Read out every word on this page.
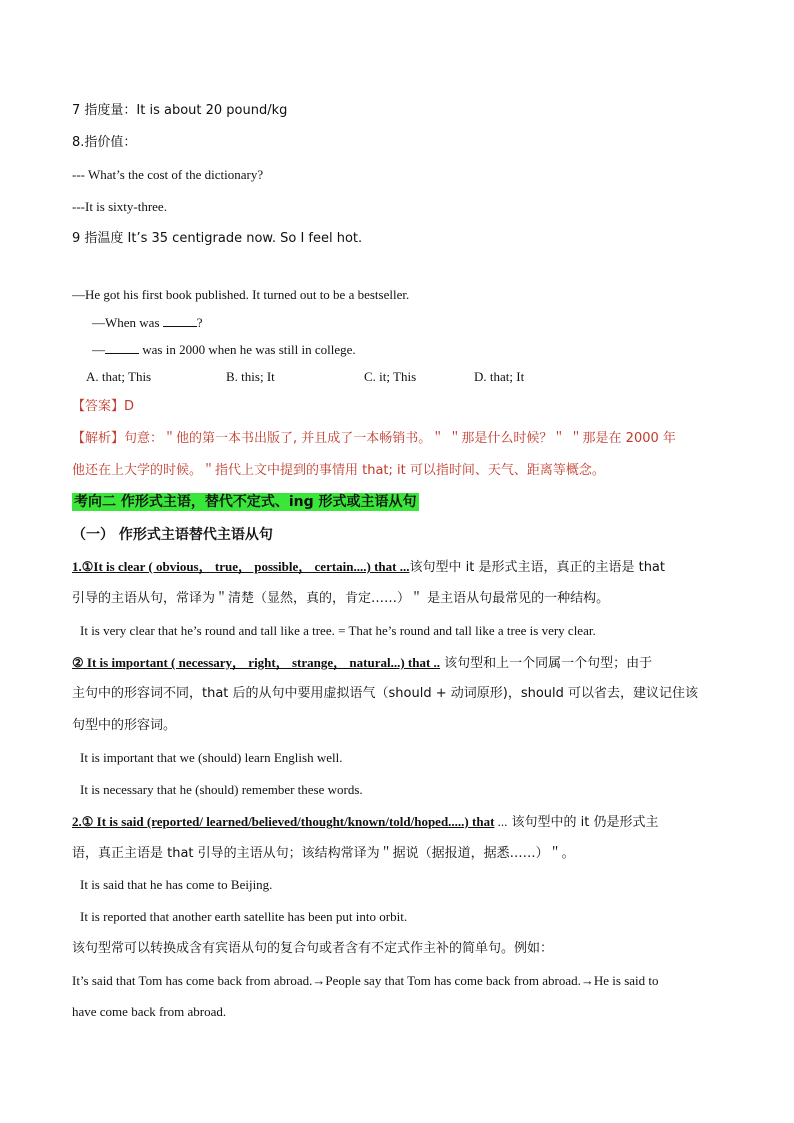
7 指度量：It is about 20 pound/kg
8.指价值：
--- What’s the cost of the dictionary?
---It is sixty-three.
9 指温度 It’s 35 centigrade now. So I feel hot.
—He got his first book published. It turned out to be a bestseller.
—When was	?
—	was in 2000 when he was still in college.
A. that; This	B. this; It	C. it; This	D. that; It
【答案】D
【解析】句意：＂他的第一本书出版了, 并且成了一本畅销书。＂ ＂那是什么时候？＂ ＂那是在 2000 年
他还在上大学的时候。＂指代上文中提到的事情用 that; it 可以指时间、天气、距离等概念。
考向二 作形式主语，替代不定式、ing 形式或主语从句
（一） 作形式主语替代主语从句
1.①It is clear ( obvious， true， possible， certain....) that ...该句型中 it 是形式主语，真正的主语是 that
引导的主语从句，常译为＂清楚（显然，真的，肯定……）＂ 是主语从句最常见的一种结构。
It is very clear that he’s round and tall like a tree. = That he’s round and tall like a tree is very clear.
② It is important ( necessary， right， strange， natural...) that .. 该句型和上一个同属一个句型；由于
主句中的形容词不同，that 后的从句中要用虚拟语气（should + 动词原形)，should 可以省去，建议记住该
句型中的形容词。
It is important that we (should) learn English well.
It is necessary that he (should) remember these words.
2.① It is said (reported/ learned/believed/thought/known/told/hoped.....) that ... 该句型中的 it 仍是形式主
语，真正主语是 that 引导的主语从句；该结构常译为＂据说（据报道，据悉……）＂。
It is said that he has come to Beijing.
It is reported that another earth satellite has been put into orbit.
该句型常可以转换成含有宾语从句的复合句或者含有不定式作主补的简单句。例如：
It’s said that Tom has come back from abroad.→People say that Tom has come back from abroad.→He is said to
have come back from abroad.
